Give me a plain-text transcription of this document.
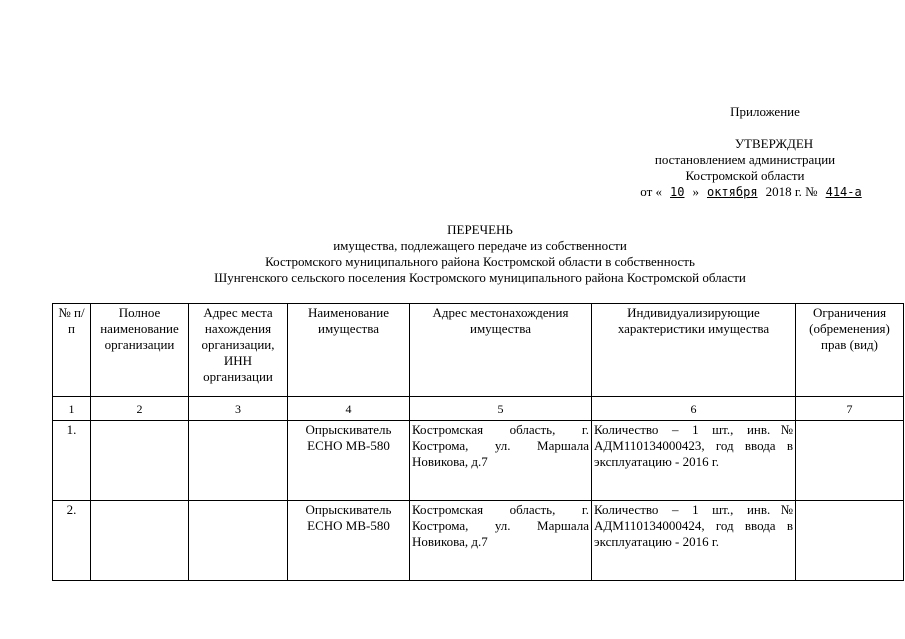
Приложение
УТВЕРЖДЕН
постановлением администрации
Костромской области
от « 10 » октября 2018 г. № 414-а
ПЕРЕЧЕНЬ
имущества, подлежащего передаче из собственности
Костромского муниципального района Костромской области в собственность
Шунгенского сельского поселения Костромского муниципального района Костромской области
№ п/п	Полное наименование организации	Адрес места нахождения организации, ИНН организации	Наименование имущества	Адрес местонахождения имущества	Индивидуализирующие характеристики имущества	Ограничения (обременения) прав (вид)
1	2	3	4	5	6	7
1.			Опрыскиватель ECHO MB-580	Костромская область, г. Кострома, ул. Маршала Новикова, д.7	Количество – 1 шт., инв.№ АДМ110134000423, год ввода в эксплуатацию - 2016 г.	
2.			Опрыскиватель ECHO MB-580	Костромская область, г. Кострома, ул. Маршала Новикова, д.7	Количество – 1 шт., инв.№ АДМ110134000424, год ввода в эксплуатацию - 2016 г.	
